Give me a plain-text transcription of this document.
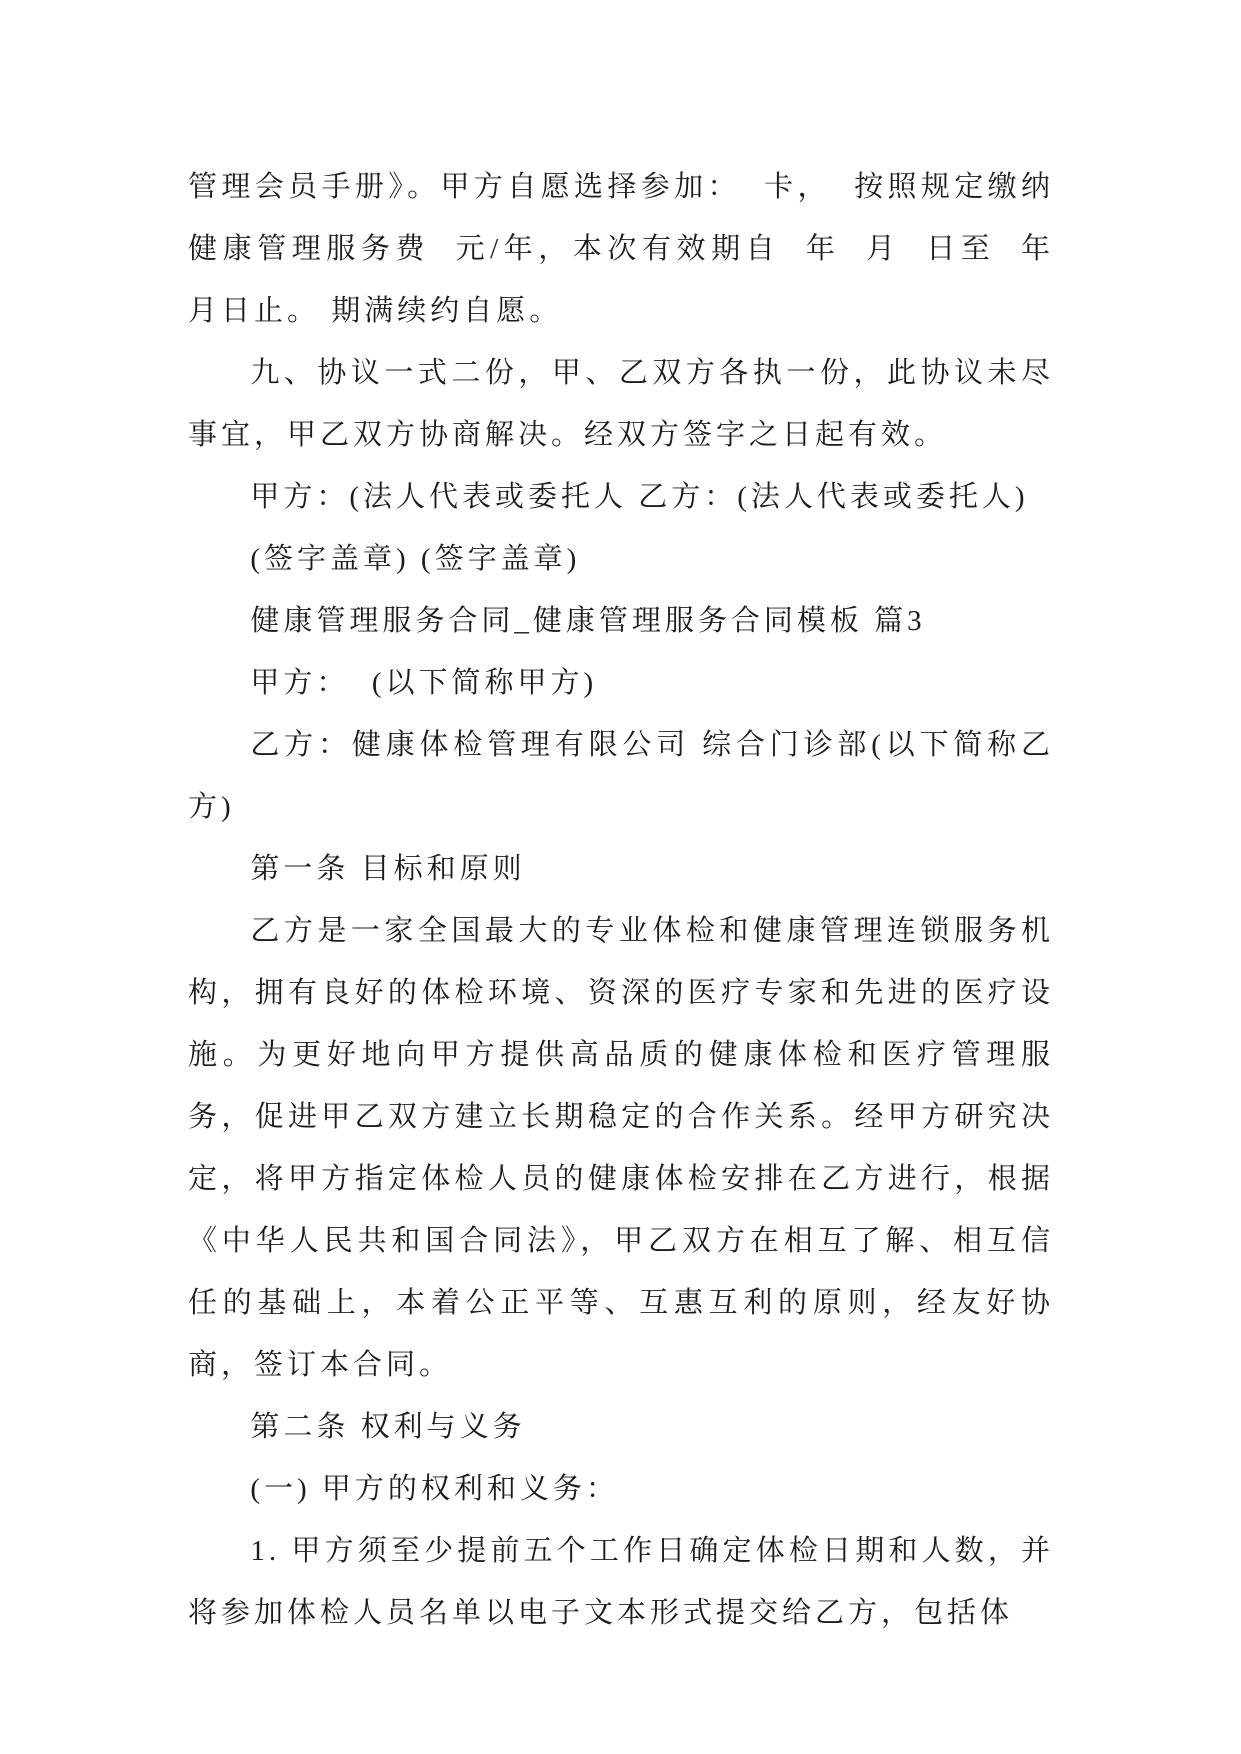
管理会员手册》。甲方自愿选择参加：  卡，  按照规定缴纳健康管理服务费  元/年，本次有效期自  年  月  日至  年  月日止。 期满续约自愿。

九、协议一式二份，甲、乙双方各执一份，此协议未尽事宜，甲乙双方协商解决。经双方签字之日起有效。

甲方：(法人代表或委托人 乙方：(法人代表或委托人)

(签字盖章) (签字盖章)

健康管理服务合同_健康管理服务合同模板 篇3

甲方：  (以下简称甲方)

乙方：健康体检管理有限公司 综合门诊部(以下简称乙方)

第一条 目标和原则

乙方是一家全国最大的专业体检和健康管理连锁服务机构，拥有良好的体检环境、资深的医疗专家和先进的医疗设施。为更好地向甲方提供高品质的健康体检和医疗管理服务，促进甲乙双方建立长期稳定的合作关系。经甲方研究决定，将甲方指定体检人员的健康体检安排在乙方进行，根据《中华人民共和国合同法》，甲乙双方在相互了解、相互信任的基础上，本着公正平等、互惠互利的原则，经友好协商，签订本合同。

第二条 权利与义务

(一) 甲方的权利和义务：

1. 甲方须至少提前五个工作日确定体检日期和人数，并将参加体检人员名单以电子文本形式提交给乙方，包括体
